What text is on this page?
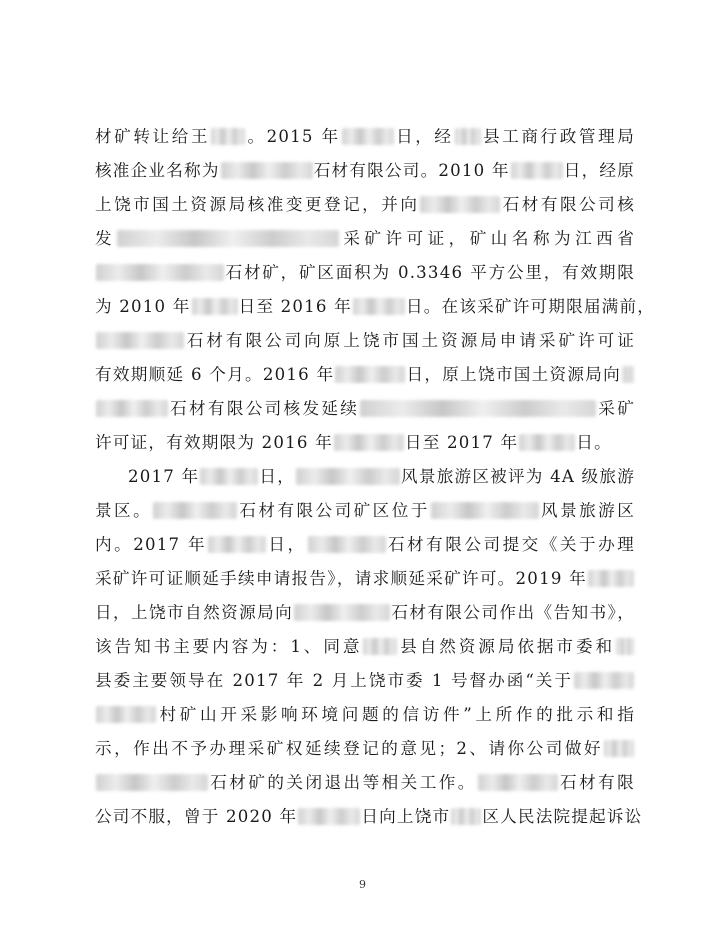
材矿转让给王 。2015 年	日，经 县工商行政管理局
核准企业名称为	石材有限公司。2010 年	日，经原
上饶市国土资源局核准变更登记，并向	石材有限公司核
发	采矿许可证，矿山名称为江西省
石材矿，矿区面积为 0.3346 平方公里，有效期限
为 2010 年	日至 2016 年	日。在该采矿许可期限届满前，
石材有限公司向原上饶市国土资源局申请采矿许可证
有效期顺延 6 个月。2016 年	日，原上饶市国土资源局向
石材有限公司核发延续	采矿
许可证，有效期限为 2016 年	日至 2017 年	日。
2017 年	日，	风景旅游区被评为 4A 级旅游
景区。	石材有限公司矿区位于	风景旅游区
内。2017 年	日，	石材有限公司提交《关于办理
采矿许可证顺延手续申请报告》，请求顺延采矿许可。2019 年
日，上饶市自然资源局向	石材有限公司作出《告知书》，
该告知书主要内容为：1、同意 县自然资源局依据市委和
县委主要领导在 2017 年 2 月上饶市委 1 号督办函“关于
村矿山开采影响环境问题的信访件”上所作的批示和指
示，作出不予办理采矿权延续登记的意见；2、请你公司做好
石材矿的关闭退出等相关工作。	石材有限
公司不服，曾于 2020 年	日向上饶市 区人民法院提起诉讼
9
